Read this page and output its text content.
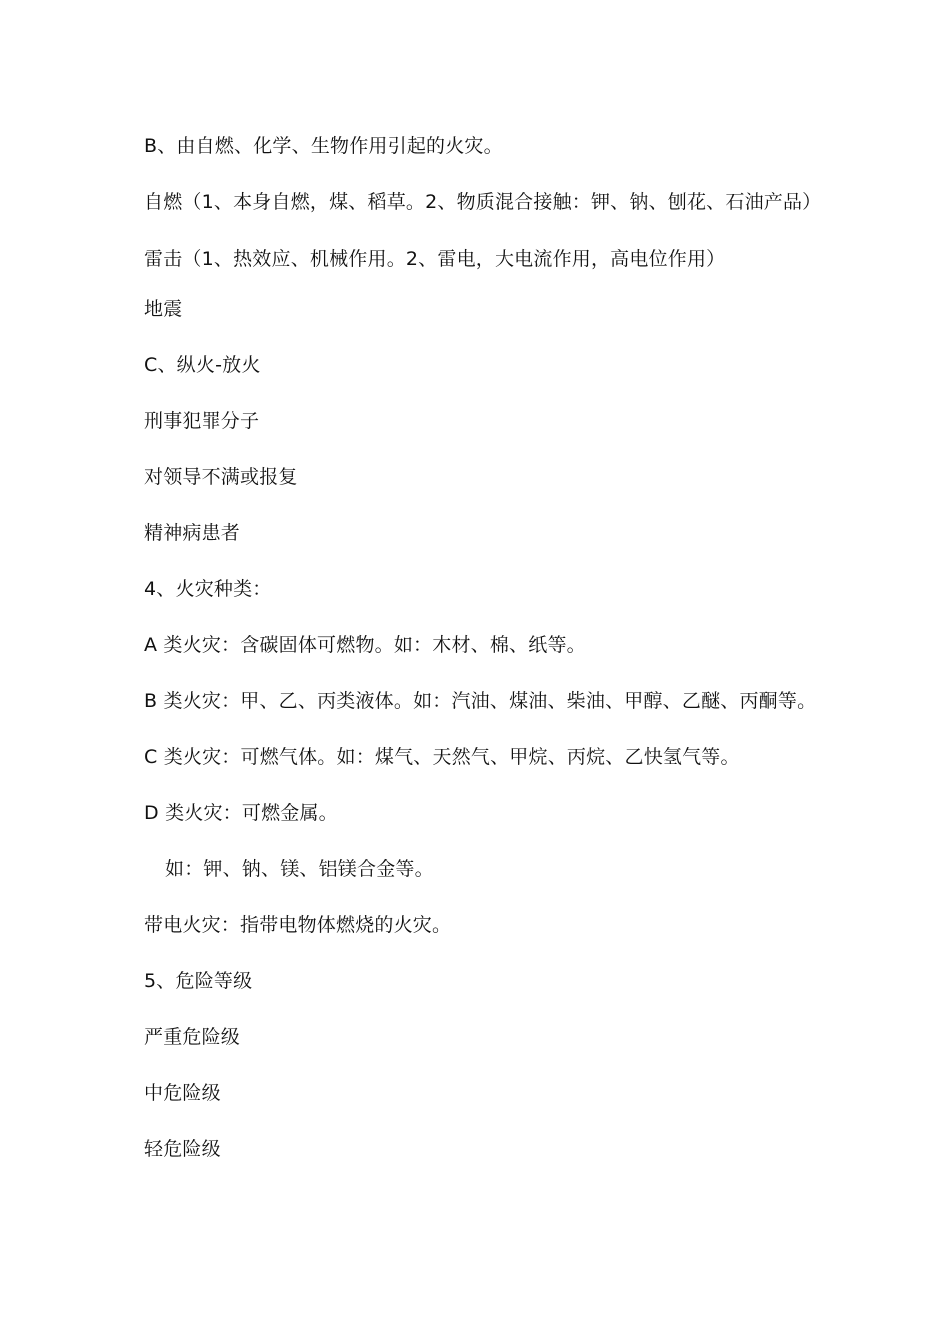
B、由自燃、化学、生物作用引起的火灾。
自燃（1、本身自燃，煤、稻草。2、物质混合接触：钾、钠、刨花、石油产品）
雷击（1、热效应、机械作用。2、雷电，大电流作用，高电位作用）
地震
C、纵火-放火
刑事犯罪分子
对领导不满或报复
精神病患者
4、火灾种类：
A 类火灾：含碳固体可燃物。如：木材、棉、纸等。
B 类火灾：甲、乙、丙类液体。如：汽油、煤油、柴油、甲醇、乙醚、丙酮等。
C 类火灾：可燃气体。如：煤气、天然气、甲烷、丙烷、乙快氢气等。
D 类火灾：可燃金属。
如：钾、钠、镁、铝镁合金等。
带电火灾：指带电物体燃烧的火灾。
5、危险等级
严重危险级
中危险级
轻危险级
